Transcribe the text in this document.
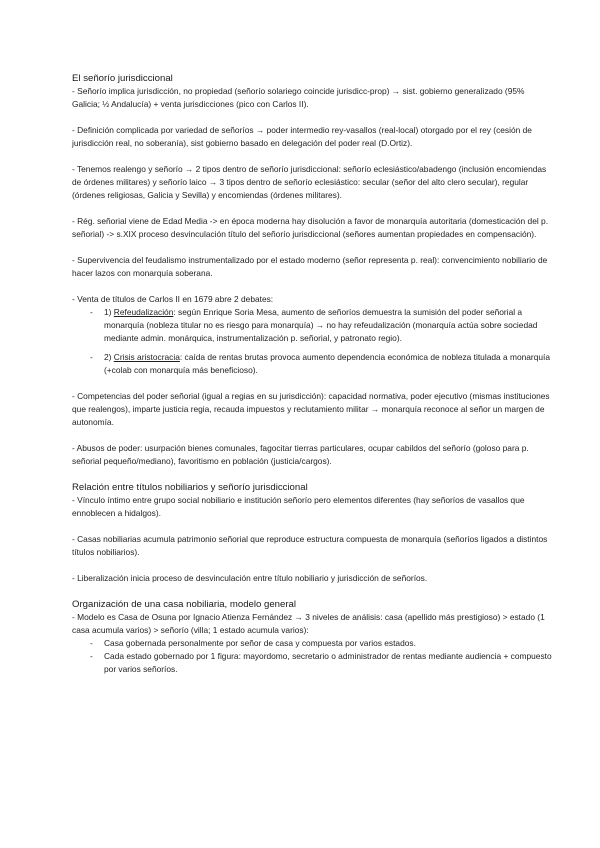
El señorío jurisdiccional

- Señorío implica jurisdicción, no propiedad (señorío solariego coincide jurisdicc-prop) → sist. gobierno generalizado (95% Galicia; ½ Andalucía) + venta jurisdicciones (pico con Carlos II).

- Definición complicada por variedad de señoríos → poder intermedio rey-vasallos (real-local) otorgado por el rey (cesión de jurisdicción real, no soberanía), sist gobierno basado en delegación del poder real (D.Ortiz).

- Tenemos realengo y señorío → 2 tipos dentro de señorío jurisdiccional: señorío eclesiástico/abadengo (inclusión encomiendas de órdenes militares) y señorío laico → 3 tipos dentro de señorío eclesiástico: secular (señor del alto clero secular), regular (órdenes religiosas, Galicia y Sevilla) y encomiendas (órdenes militares).

- Rég. señorial viene de Edad Media -> en época moderna hay disolución a favor de monarquía autoritaria (domesticación del p. señorial) -> s.XIX proceso desvinculación título del señorío jurisdiccional (señores aumentan propiedades en compensación).

- Supervivencia del feudalismo instrumentalizado por el estado moderno (señor representa p. real): convencimiento nobiliario de hacer lazos con monarquía soberana.

- Venta de títulos de Carlos II en 1679 abre 2 debates:

- 1) Refeudalización: según Enrique Soria Mesa, aumento de señoríos demuestra la sumisión del poder señorial a monarquía (nobleza titular no es riesgo para monarquía) → no hay refeudalización (monarquía actúa sobre sociedad mediante admin. monárquica, instrumentalización p. señorial, y patronato regio).

- 2) Crisis aristocracia: caída de rentas brutas provoca aumento dependencia económica de nobleza titulada a monarquía (+colab con monarquía más beneficioso).

- Competencias del poder señorial (igual a regias en su jurisdicción): capacidad normativa, poder ejecutivo (mismas instituciones que realengos), imparte justicia regia, recauda impuestos y reclutamiento militar → monarquía reconoce al señor un margen de autonomía.

- Abusos de poder: usurpación bienes comunales, fagocitar tierras particulares, ocupar cabildos del señorío (goloso para p. señorial pequeño/mediano), favoritismo en población (justicia/cargos).

Relación entre títulos nobiliarios y señorío jurisdiccional

- Vínculo íntimo entre grupo social nobiliario e institución señorío pero elementos diferentes (hay señoríos de vasallos que ennoblecen a hidalgos).

- Casas nobiliarias acumula patrimonio señorial que reproduce estructura compuesta de monarquía (señoríos ligados a distintos títulos nobiliarios).

- Liberalización inicia proceso de desvinculación entre título nobiliario y jurisdicción de señoríos.

Organización de una casa nobiliaria, modelo general

- Modelo es Casa de Osuna por Ignacio Atienza Fernández → 3 niveles de análisis: casa (apellido más prestigioso) > estado (1 casa acumula varios) > señorío (villa; 1 estado acumula varios):

- Casa gobernada personalmente por señor de casa y compuesta por varios estados.

- Cada estado gobernado por 1 figura: mayordomo, secretario o administrador de rentas mediante audiencia + compuesto por varios señoríos.
